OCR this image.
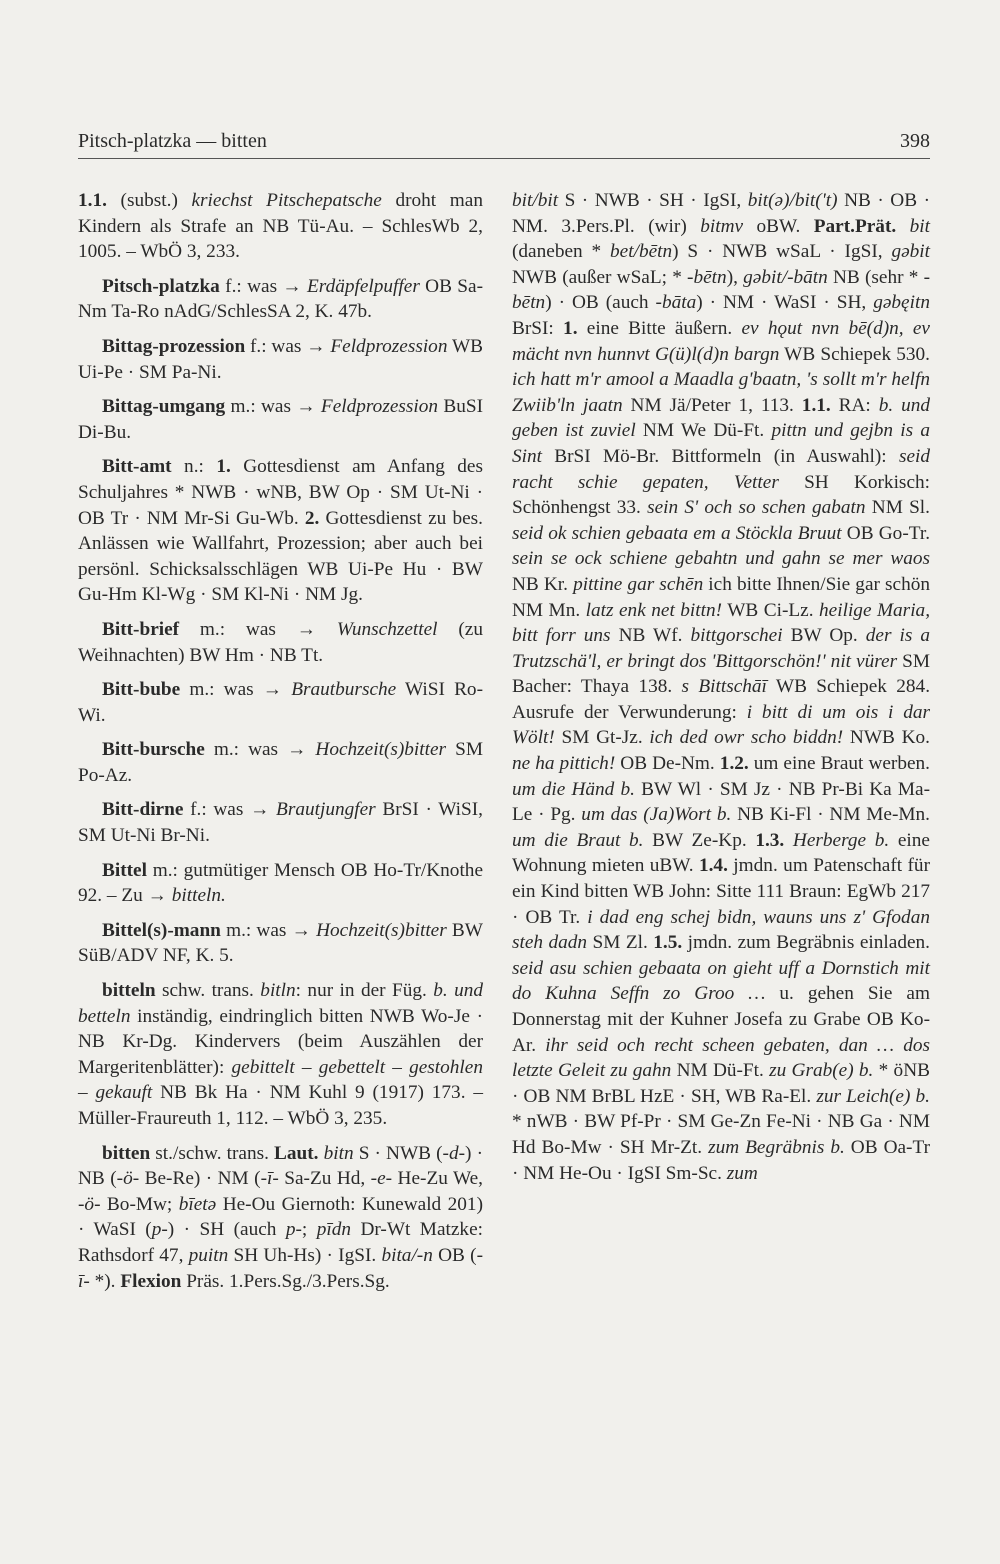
Pitsch-platzka — bitten	398

1.1. (subst.) kriechst Pitschepatsche droht man Kindern als Strafe an NB Tü-Au. – SchlesWb 2, 1005. – WbÖ 3, 233.

Pitsch-platzka f.: was → Erdäpfelpuffer OB Sa-Nm Ta-Ro nAdG/SchlesSA 2, K. 47b.

Bittag-prozession f.: was → Feldprozession WB Ui-Pe · SM Pa-Ni.

Bittag-umgang m.: was → Feldprozession BuSI Di-Bu.

Bitt-amt n.: 1. Gottesdienst am Anfang des Schuljahres * NWB · wNB, BW Op · SM Ut-Ni · OB Tr · NM Mr-Si Gu-Wb. 2. Gottesdienst zu bes. Anlässen wie Wallfahrt, Prozession; aber auch bei persönl. Schicksalsschlägen WB Ui-Pe Hu · BW Gu-Hm Kl-Wg · SM Kl-Ni · NM Jg.

Bitt-brief m.: was → Wunschzettel (zu Weihnachten) BW Hm · NB Tt.

Bitt-bube m.: was → Brautbursche WiSI Ro-Wi.

Bitt-bursche m.: was → Hochzeit(s)bitter SM Po-Az.

Bitt-dirne f.: was → Brautjungfer BrSI · WiSI, SM Ut-Ni Br-Ni.

Bittel m.: gutmütiger Mensch OB Ho-Tr/Knothe 92. – Zu → bitteln.

Bittel(s)-mann m.: was → Hochzeit(s)bitter BW SüB/ADV NF, K. 5.

bitteln schw. trans. bitln: nur in der Füg. b. und betteln inständig, eindringlich bitten NWB Wo-Je · NB Kr-Dg. Kindervers (beim Auszählen der Margeritenblätter): gebittelt – gebettelt – gestohlen – gekauft NB Bk Ha · NM Kuhl 9 (1917) 173. – Müller-Fraureuth 1, 112. – WbÖ 3, 235.

bitten st./schw. trans. Laut. bitn S · NWB (-d-) · NB (-ö- Be-Re) · NM (-ī- Sa-Zu Hd, -e- He-Zu We, -ö- Bo-Mw; bīetə He-Ou Giernoth: Kunewald 201) · WaSI (p-) · SH (auch p-; pīdn Dr-Wt Matzke: Rathsdorf 47, puitn SH Uh-Hs) · IgSI. bita/-n OB (-ī- *). Flexion Präs. 1.Pers.Sg./3.Pers.Sg.

bit/bit S · NWB · SH · IgSI, bit(ə)/bit('t) NB · OB · NM. 3.Pers.Pl. (wir) bitmv oBW. Part.Prät. bit (daneben * bet/bētn) S · NWB wSaL · IgSI, gəbit NWB (außer wSaL; * -bētn), gəbit/-bātn NB (sehr * -bētn) · OB (auch -bāta) · NM · WaSI · SH, gəbęitn BrSI: 1. eine Bitte äußern. ev hǫut nvn bē(d)n, ev mächt nvn hunnvt G(ü)l(d)n bargn WB Schiepek 530. ich hatt m'r amool a Maadla g'baatn, 's sollt m'r helfn Zwiib'ln jaatn NM Jä/Peter 1, 113. 1.1. RA: b. und geben ist zuviel NM We Dü-Ft. pittn und gejbn is a Sint BrSI Mö-Br. Bittformeln (in Auswahl): seid racht schie gepaten, Vetter SH Korkisch: Schönhengst 33. sein S' och so schen gabatn NM Sl. seid ok schien gebaata em a Stöckla Bruut OB Go-Tr. sein se ock schiene gebahtn und gahn se mer waos NB Kr. pittine gar schēn ich bitte Ihnen/Sie gar schön NM Mn. latz enk net bittn! WB Ci-Lz. heilige Maria, bitt forr uns NB Wf. bittgorschei BW Op. der is a Trutzschä'l, er bringt dos 'Bittgorschön!' nit vürer SM Bacher: Thaya 138. s Bittschāī WB Schiepek 284. Ausrufe der Verwunderung: i bitt di um ois i dar Wölt! SM Gt-Jz. ich ded owr scho biddn! NWB Ko. ne ha pittich! OB De-Nm. 1.2. um eine Braut werben. um die Händ b. BW Wl · SM Jz · NB Pr-Bi Ka Ma-Le · Pg. um das (Ja)Wort b. NB Ki-Fl · NM Me-Mn. um die Braut b. BW Ze-Kp. 1.3. Herberge b. eine Wohnung mieten uBW. 1.4. jmdn. um Patenschaft für ein Kind bitten WB John: Sitte 111 Braun: EgWb 217 · OB Tr. i dad eng schej bidn, wauns uns z' Gfodan steh dadn SM Zl. 1.5. jmdn. zum Begräbnis einladen. seid asu schien gebaata on gieht uff a Dornstich mit do Kuhna Seffn zo Groo … u. gehen Sie am Donnerstag mit der Kuhner Josefa zu Grabe OB Ko-Ar. ihr seid och recht scheen gebaten, dan … dos letzte Geleit zu gahn NM Dü-Ft. zu Grab(e) b. * öNB · OB NM BrBL HzE · SH, WB Ra-El. zur Leich(e) b. * nWB · BW Pf-Pr · SM Ge-Zn Fe-Ni · NB Ga · NM Hd Bo-Mw · SH Mr-Zt. zum Begräbnis b. OB Oa-Tr · NM He-Ou · IgSI Sm-Sc. zum
